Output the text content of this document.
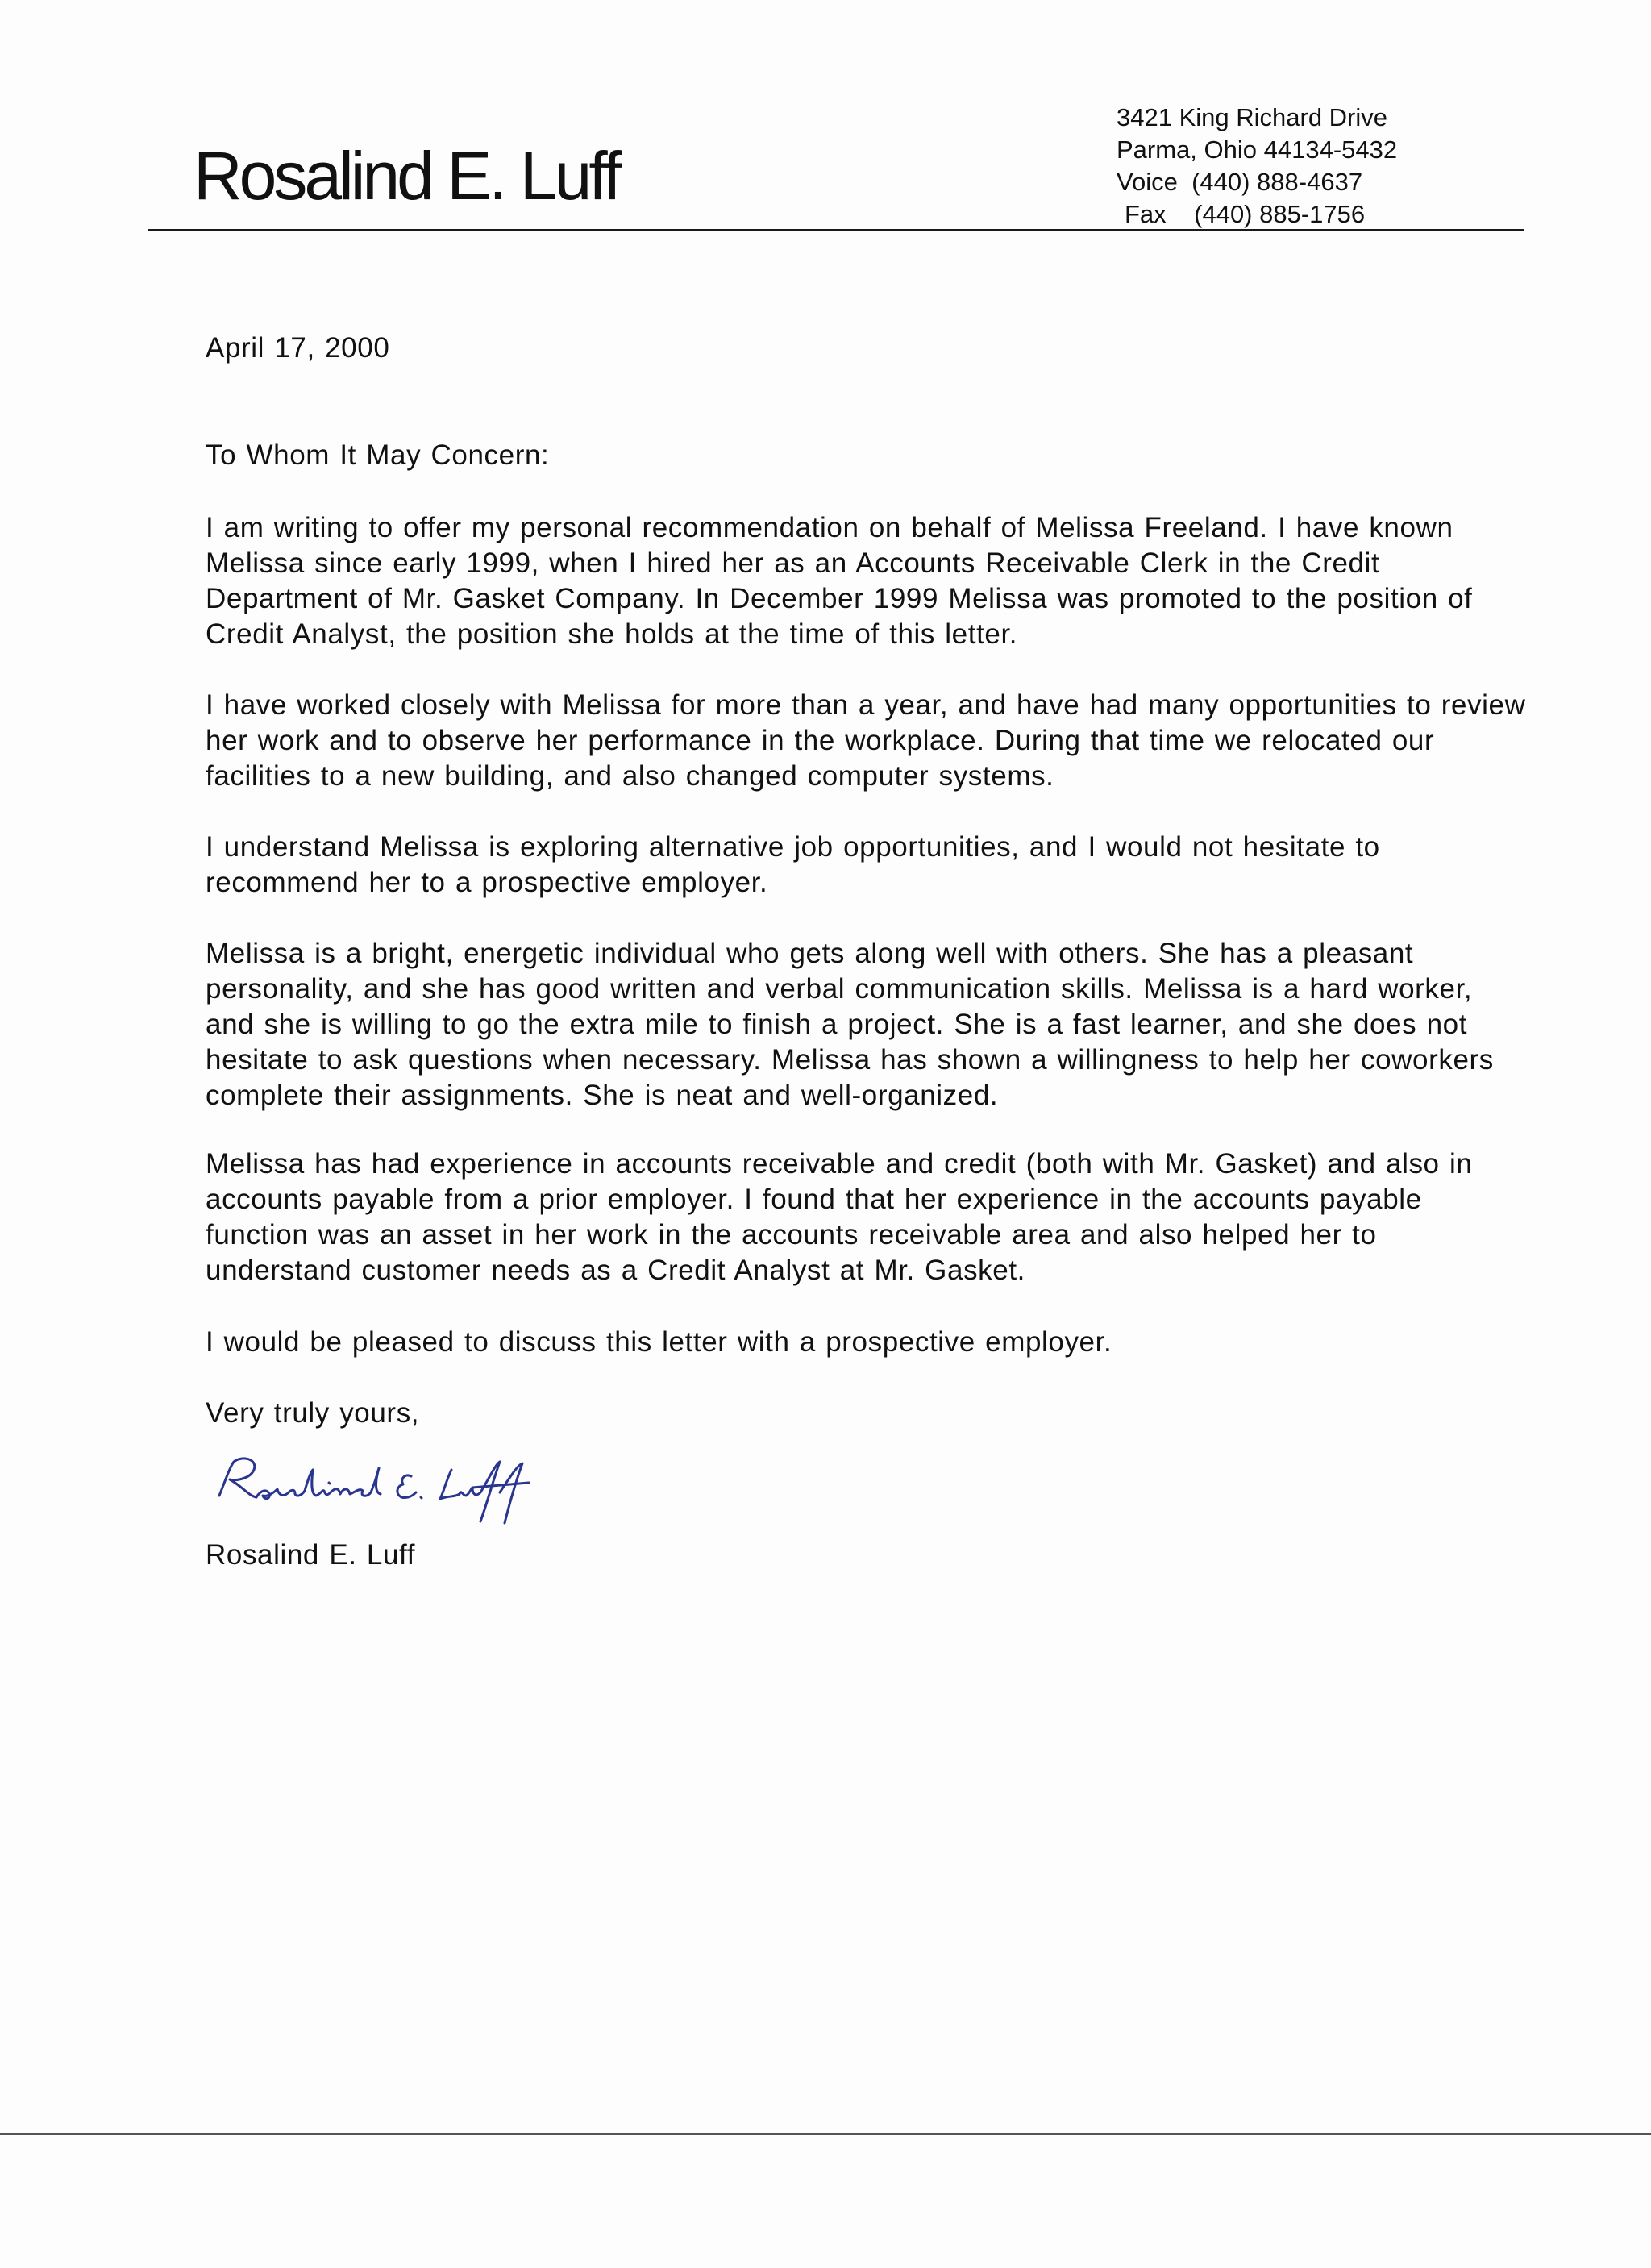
Rosalind E. Luff
3421 King Richard Drive
Parma, Ohio 44134-5432
Voice (440) 888-4637
Fax (440) 885-1756
April 17, 2000
To Whom It May Concern:

I am writing to offer my personal recommendation on behalf of Melissa Freeland. I have known Melissa since early 1999, when I hired her as an Accounts Receivable Clerk in the Credit Department of Mr. Gasket Company. In December 1999 Melissa was promoted to the position of Credit Analyst, the position she holds at the time of this letter.

I have worked closely with Melissa for more than a year, and have had many opportunities to review her work and to observe her performance in the workplace. During that time we relocated our facilities to a new building, and also changed computer systems.

I understand Melissa is exploring alternative job opportunities, and I would not hesitate to recommend her to a prospective employer.

Melissa is a bright, energetic individual who gets along well with others. She has a pleasant personality, and she has good written and verbal communication skills. Melissa is a hard worker, and she is willing to go the extra mile to finish a project. She is a fast learner, and she does not hesitate to ask questions when necessary. Melissa has shown a willingness to help her coworkers complete their assignments. She is neat and well-organized.

Melissa has had experience in accounts receivable and credit (both with Mr. Gasket) and also in accounts payable from a prior employer. I found that her experience in the accounts payable function was an asset in her work in the accounts receivable area and also helped her to understand customer needs as a Credit Analyst at Mr. Gasket.

I would be pleased to discuss this letter with a prospective employer.

Very truly yours,
Rosalind E. Luff
